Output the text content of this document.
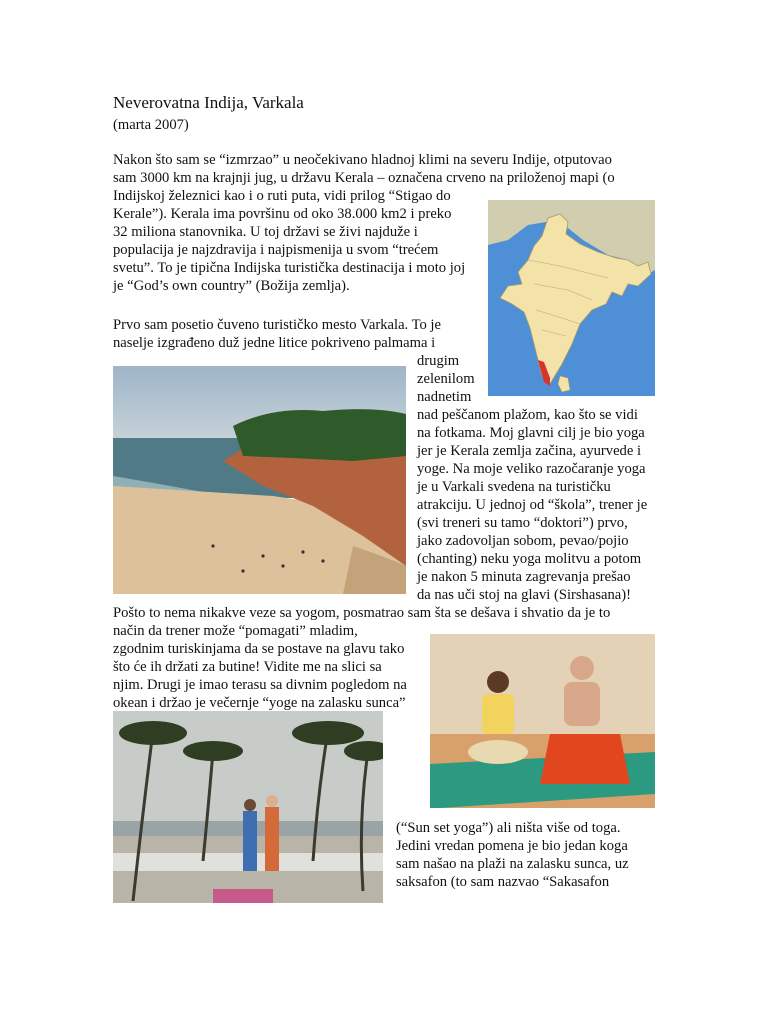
Neverovatna Indija, Varkala
(marta 2007)
Nakon što sam se “izmrzao” u neočekivano hladnoj klimi na severu Indije, otputovao
sam 3000 km na krajnji jug, u državu Kerala – označena crveno na priloženoj mapi (o
Indijskoj železnici kao i o ruti puta, vidi prilog “Stigao do
Kerale”). Kerala ima površinu od oko 38.000 km2 i preko
32 miliona stanovnika. U toj državi se živi najduže i
populacija je najzdravija i najpismenija u svom “trećem
svetu”. To je tipična Indijska turistička destinacija i moto joj
je “God’s own country” (Božija zemlja).
Prvo sam posetio čuveno turističko mesto Varkala. To je
naselje izgrađeno duž jedne litice pokriveno palmama i
drugim
zelenilom
nadnetim
nad peščanom plažom, kao što se vidi
na fotkama. Moj glavni cilj je bio yoga
jer je Kerala zemlja začina, ayurvede i
yoge. Na moje veliko razočaranje yoga
je u Varkali svedena na turističku
atrakciju. U jednoj od “škola”, trener je
(svi treneri su tamo “doktori”) prvo,
jako zadovoljan sobom, pevao/pojio
(chanting) neku yoga molitvu a potom
je nakon 5 minuta zagrevanja prešao
da nas uči stoj na glavi (Sirshasana)!
Pošto to nema nikakve veze sa yogom, posmatrao sam šta se dešava i shvatio da je to
način da trener može “pomagati” mladim,
zgodnim turiskinjama da se postave na glavu tako
što će ih držati za butine! Vidite me na slici sa
njim. Drugi je imao terasu sa divnim pogledom na
okean i držao je večernje “yoge na zalasku sunca”
(“Sun set yoga”) ali ništa više od toga.
Jedini vredan pomena je bio jedan koga
sam našao na plaži na zalasku sunca, uz
saksafon (to sam nazvao “Sakasafon
